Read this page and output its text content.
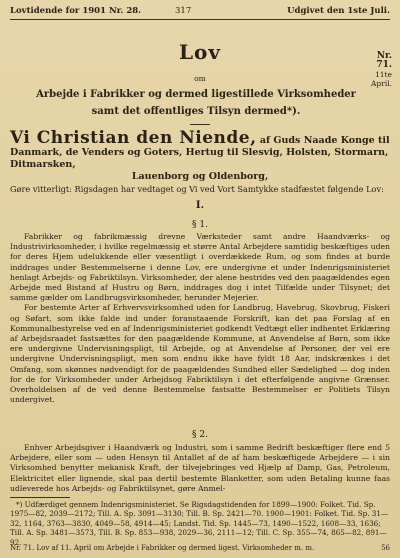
Lovtidende for 1901 Nr. 28.	317	Udgivet den 1ste Juli.
Nr. 71.
11te
April.
Lov
om
Arbejde i Fabrikker og dermed ligestillede Virksomheder samt det offentliges Tilsyn dermed*).
Vi Christian den Niende, af Guds Naade Konge til Danmark, de Venders og Goters, Hertug til Slesvig, Holsten, Stormarn, Ditmarsken,
Lauenborg og Oldenborg,
Gøre vitterligt: Rigsdagen har vedtaget og Vi ved Vort Samtykke stadfæstet følgende Lov:
I.
§ 1.

Fabrikker og fabrikmæssig drevne Værksteder samt andre Haandværks- og Industrivirksomheder, i hvilke regelmæssig et større Antal Arbejdere samtidig beskæftiges uden for deres Hjem udelukkende eller væsentligt i overdækkede Rum, og som findes at burde inddrages under Bestemmelserne i denne Lov, ere undergivne et under Indenrigsministeriet henlagt Arbejds- og Fabriktilsyn. Virksomheder, der alene bestrides ved den paagældendes egen Arbejde med Bistand af Hustru og Børn, inddrages dog i intet Tilfælde under Tilsynet; det samme gælder om Landbrugsvirksomheder, herunder Mejerier.

For bestemte Arter af Erhvervsvirksomhed uden for Landbrug, Havebrug, Skovbrug, Fiskeri og Søfart, som ikke falde ind under foranstaaende Forskrift, kan det paa Forslag af en Kommunalbestyrelse ved en af Indenrigsministeriet godkendt Vedtægt eller indhentet Erklæring af Arbejdsraadet fastsættes for den paagældende Kommune, at Anvendelse af Børn, som ikke ere undergivne Undervisningspligt, til Arbejde, og at Anvendelse af Personer, der vel ere undergivne Undervisningspligt, men som endnu ikke have fyldt 18 Aar, indskrænkes i det Omfang, som skønnes nødvendigt for de paagældendes Sundhed eller Sædelighed — dog inden for de for Virksomheder under Arbejdsog Fabriktilsyn i det efterfølgende angivne Grænser. Overholdelsen af de ved denne Bestemmelse fastsatte Bestemmelser er Politiets Tilsyn undergivet.

§ 2.

Enhver Arbejdsgiver i Haandværk og Industri, som i samme Bedrift beskæftiger flere end 5 Arbejdere, eller som — uden Hensyn til Antallet af de af ham beskæftigede Arbejdere — i sin Virksomhed benytter mekanisk Kraft, der tilvejebringes ved Hjælp af Damp, Gas, Petroleum, Elektricitet eller lignende, skal paa dertil bestemte Blanketter, som uden Betaling kunne faas udleverede hos Arbejds- og Fabriktilsynet, gøre Anmel-

*) Udfærdiget gennem Indenrigsministeriet. Se Rigsdagstidenden for 1899—1900: Folket. Tid. Sp. 1975—82, 2039—2172; Till. A. Sp. 3091—3130; Till. B. Sp. 2421—70. 1900—1901: Folket. Tid. Sp. 31—32, 1164, 3763—3830, 4049—58, 4914—45; Landst. Tid. Sp. 1445—73, 1490—1522, 1608—33, 1636; Till. A. Sp. 3481—3573, Till. B. Sp. 853—938, 2029—36, 2111—12; Till. C. Sp. 355—74, 865—82, 891—92.

Nr. 71. Lov af 11. April om Arbejde i Fabrikker og dermed ligest. Virksomheder m. m.	56
